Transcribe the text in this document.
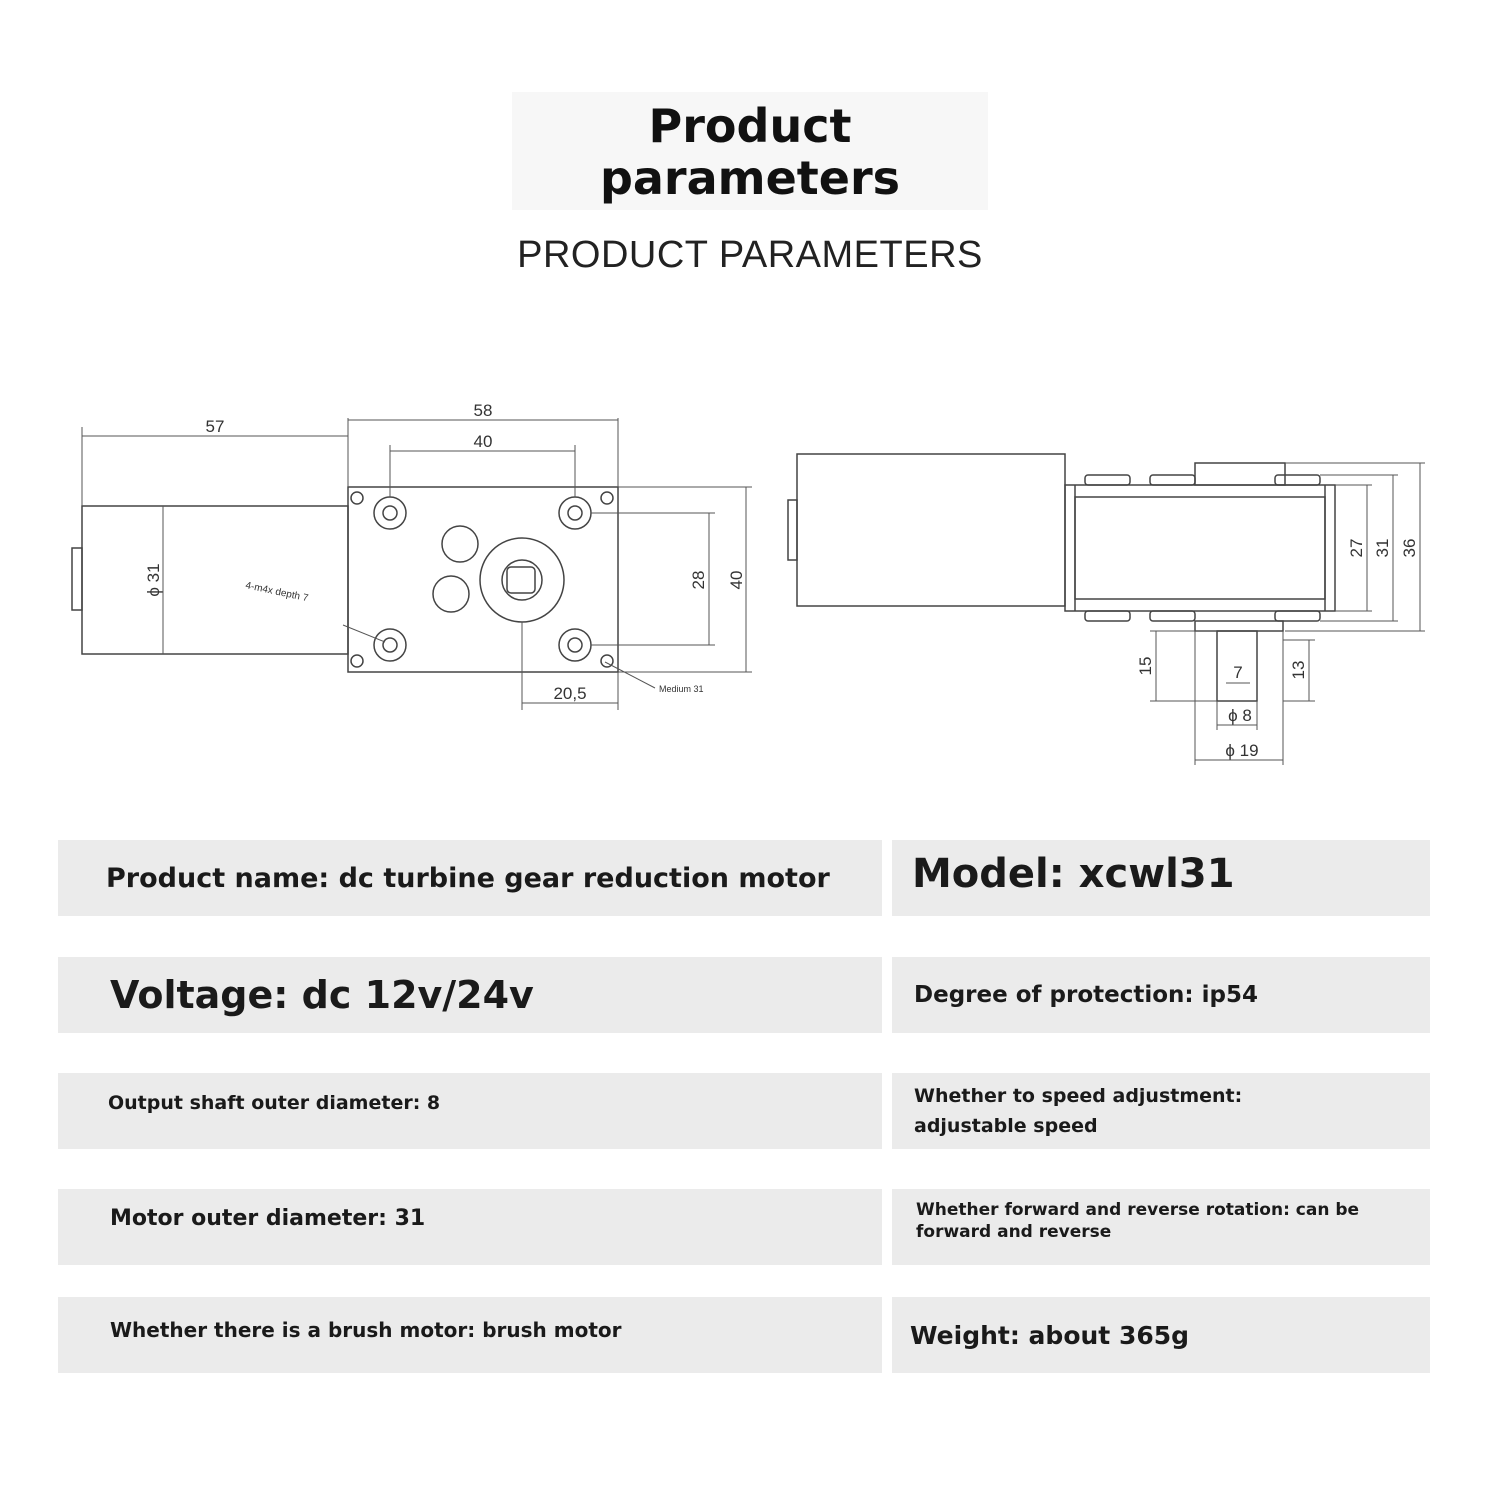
Product parameters
PRODUCT PARAMETERS
57
58
40
ϕ 31	28 40
20,5
4-m4x depth 7
Medium 31
27 31 36
15	7	13
ϕ 8
ϕ 19
Product name: dc turbine gear reduction motor Model: xcwl31
Voltage: dc 12v/24v	Degree of protection: ip54
Output shaft outer diameter: 8	Whether to speed adjustment:
adjustable speed
Motor outer diameter: 31	Whether forward and reverse rotation: can be
forward and reverse
Whether there is a brush motor: brush motor	Weight: about 365g
